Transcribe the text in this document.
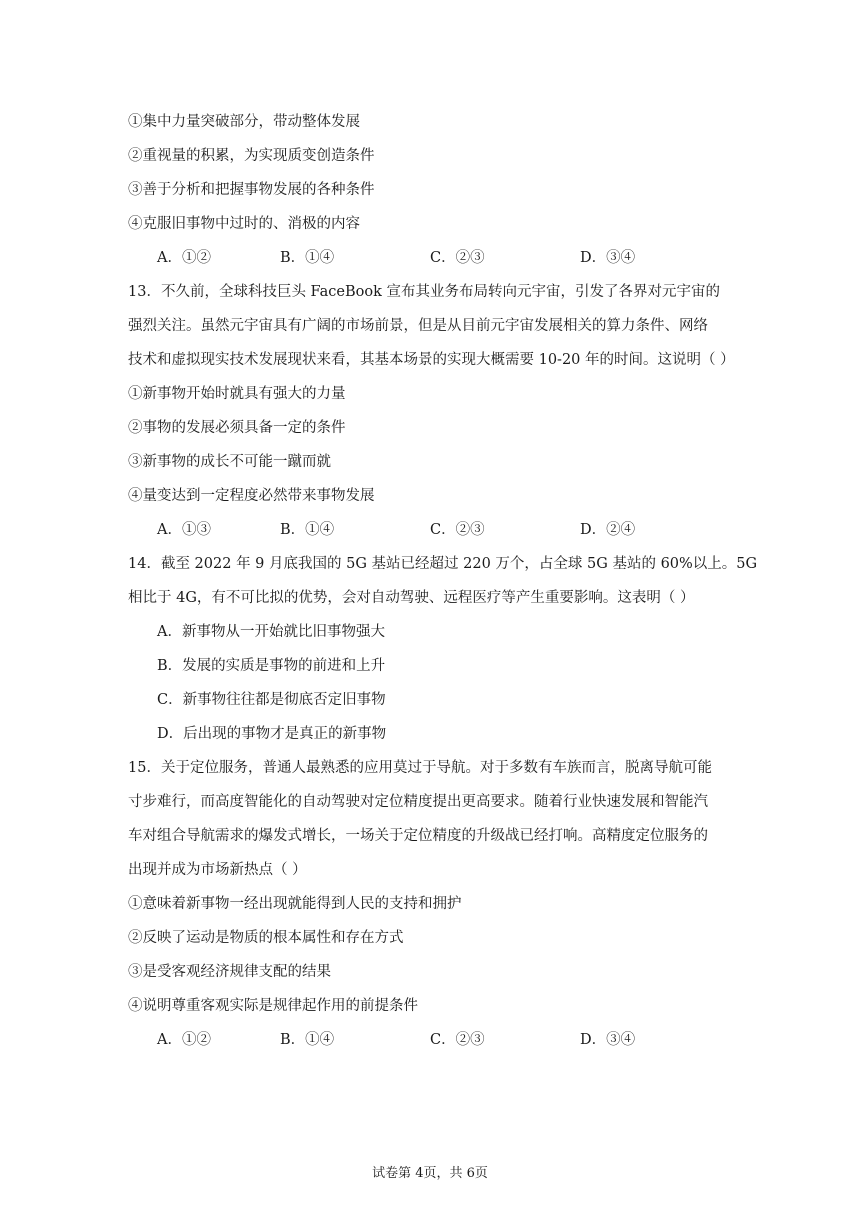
①集中力量突破部分，带动整体发展
②重视量的积累，为实现质变创造条件
③善于分析和把握事物发展的各种条件
④克服旧事物中过时的、消极的内容
A．①②	B．①④	C．②③	D．③④
13．不久前，全球科技巨头 FaceBook 宣布其业务布局转向元宇宙，引发了各界对元宇宙的
强烈关注。虽然元宇宙具有广阔的市场前景，但是从目前元宇宙发展相关的算力条件、网络
技术和虚拟现实技术发展现状来看，其基本场景的实现大概需要 10-20 年的时间。这说明（ ）
①新事物开始时就具有强大的力量
②事物的发展必须具备一定的条件
③新事物的成长不可能一蹴而就
④量变达到一定程度必然带来事物发展
A．①③	B．①④	C．②③	D．②④
14．截至 2022 年 9 月底我国的 5G 基站已经超过 220 万个，占全球 5G 基站的 60%以上。5G
相比于 4G，有不可比拟的优势，会对自动驾驶、远程医疗等产生重要影响。这表明（ ）
A．新事物从一开始就比旧事物强大
B．发展的实质是事物的前进和上升
C．新事物往往都是彻底否定旧事物
D．后出现的事物才是真正的新事物
15．关于定位服务，普通人最熟悉的应用莫过于导航。对于多数有车族而言，脱离导航可能
寸步难行，而高度智能化的自动驾驶对定位精度提出更高要求。随着行业快速发展和智能汽
车对组合导航需求的爆发式增长，一场关于定位精度的升级战已经打响。高精度定位服务的
出现并成为市场新热点（ ）
①意味着新事物一经出现就能得到人民的支持和拥护
②反映了运动是物质的根本属性和存在方式
③是受客观经济规律支配的结果
④说明尊重客观实际是规律起作用的前提条件
A．①②	B．①④	C．②③	D．③④
试卷第 4页，共 6页
